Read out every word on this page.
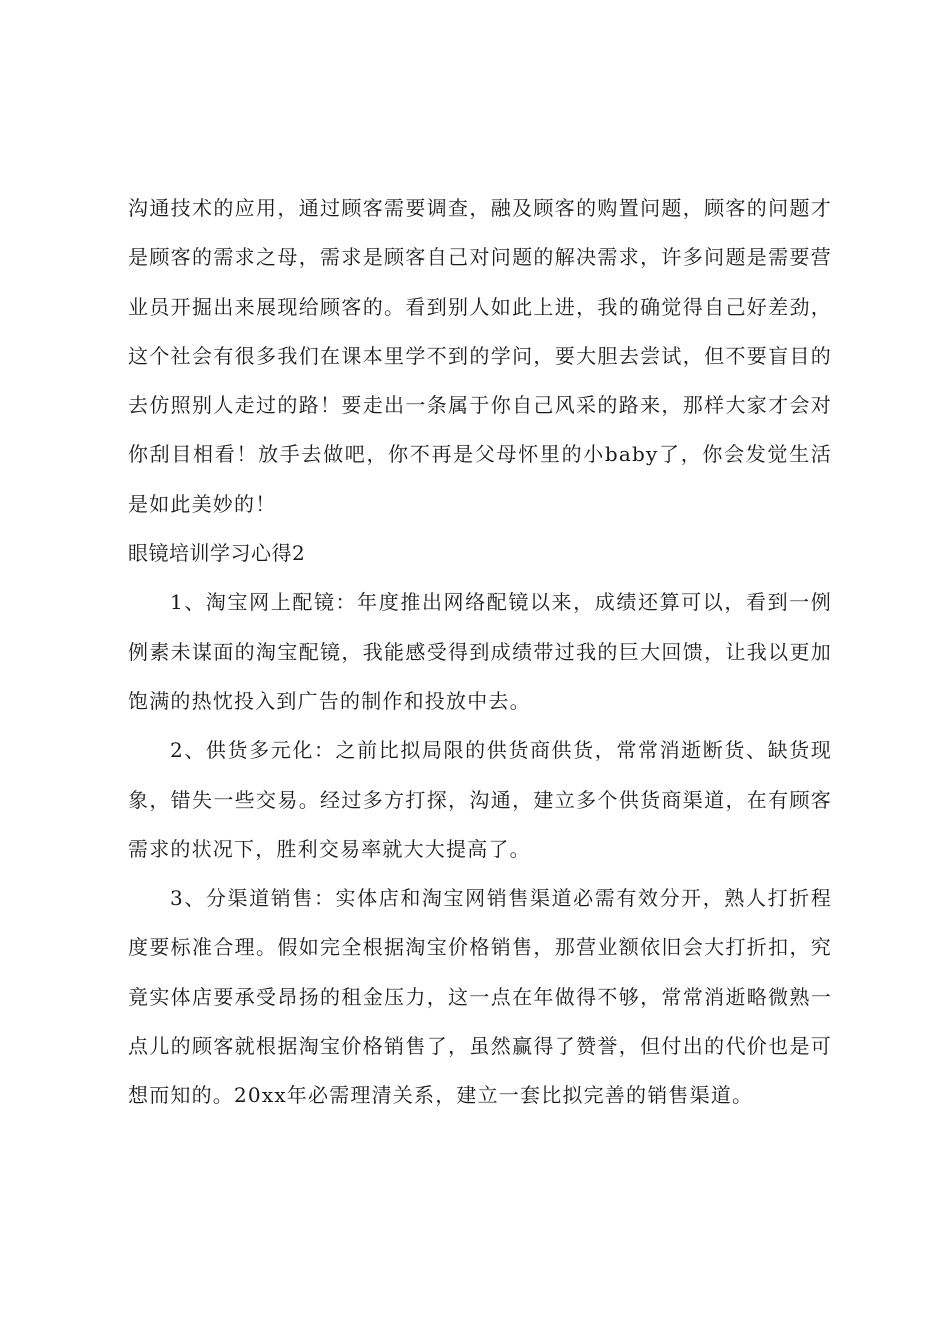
沟通技术的应用，通过顾客需要调查，融及顾客的购置问题，顾客的问题才是顾客的需求之母，需求是顾客自己对问题的解决需求，许多问题是需要营业员开掘出来展现给顾客的。看到别人如此上进，我的确觉得自己好差劲，这个社会有很多我们在课本里学不到的学问，要大胆去尝试，但不要盲目的去仿照别人走过的路！要走出一条属于你自己风采的路来，那样大家才会对你刮目相看！放手去做吧，你不再是父母怀里的小baby了，你会发觉生活是如此美妙的！

眼镜培训学习心得2

1、淘宝网上配镜：年度推出网络配镜以来，成绩还算可以，看到一例例素未谋面的淘宝配镜，我能感受得到成绩带过我的巨大回馈，让我以更加饱满的热忱投入到广告的制作和投放中去。

2、供货多元化：之前比拟局限的供货商供货，常常消逝断货、缺货现象，错失一些交易。经过多方打探，沟通，建立多个供货商渠道，在有顾客需求的状况下，胜利交易率就大大提高了。

3、分渠道销售：实体店和淘宝网销售渠道必需有效分开，熟人打折程度要标准合理。假如完全根据淘宝价格销售，那营业额依旧会大打折扣，究竟实体店要承受昂扬的租金压力，这一点在年做得不够，常常消逝略微熟一点儿的顾客就根据淘宝价格销售了，虽然赢得了赞誉，但付出的代价也是可想而知的。20xx年必需理清关系，建立一套比拟完善的销售渠道。
